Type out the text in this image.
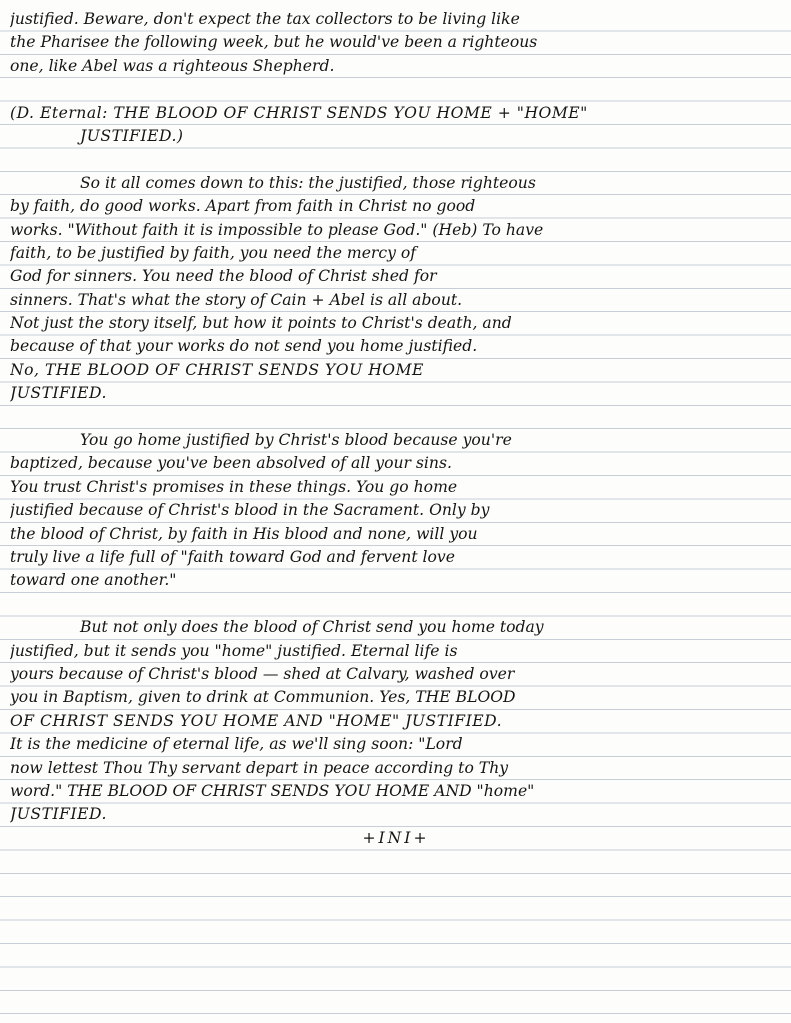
justified. Beware, don't expect the tax collectors to be living like
the Pharisee the following week, but he would've been a righteous
one, like Abel was a righteous Shepherd.
(D. Eternal: THE BLOOD OF CHRIST SENDS YOU HOME + "HOME"
JUSTIFIED.)
So it all comes down to this: the justified, those righteous
by faith, do good works. Apart from faith in Christ no good
works. "Without faith it is impossible to please God." (Heb) To have
faith, to be justified by faith, you need the mercy of
God for sinners. You need the blood of Christ shed for
sinners. That's what the story of Cain + Abel is all about.
Not just the story itself, but how it points to Christ's death, and
because of that your works do not send you home justified.
No, THE BLOOD OF CHRIST SENDS YOU HOME
JUSTIFIED.
You go home justified by Christ's blood because you're
baptized, because you've been absolved of all your sins.
You trust Christ's promises in these things. You go home
justified because of Christ's blood in the Sacrament. Only by
the blood of Christ, by faith in His blood and none, will you
truly live a life full of "faith toward God and fervent love
toward one another."
But not only does the blood of Christ send you home today
justified, but it sends you "home" justified. Eternal life is
yours because of Christ's blood — shed at Calvary, washed over
you in Baptism, given to drink at Communion. Yes, THE BLOOD
OF CHRIST SENDS YOU HOME AND "HOME" JUSTIFIED.
It is the medicine of eternal life, as we'll sing soon: "Lord
now lettest Thou Thy servant depart in peace according to Thy
word." THE BLOOD OF CHRIST SENDS YOU HOME AND "home"
JUSTIFIED.
+INI+
